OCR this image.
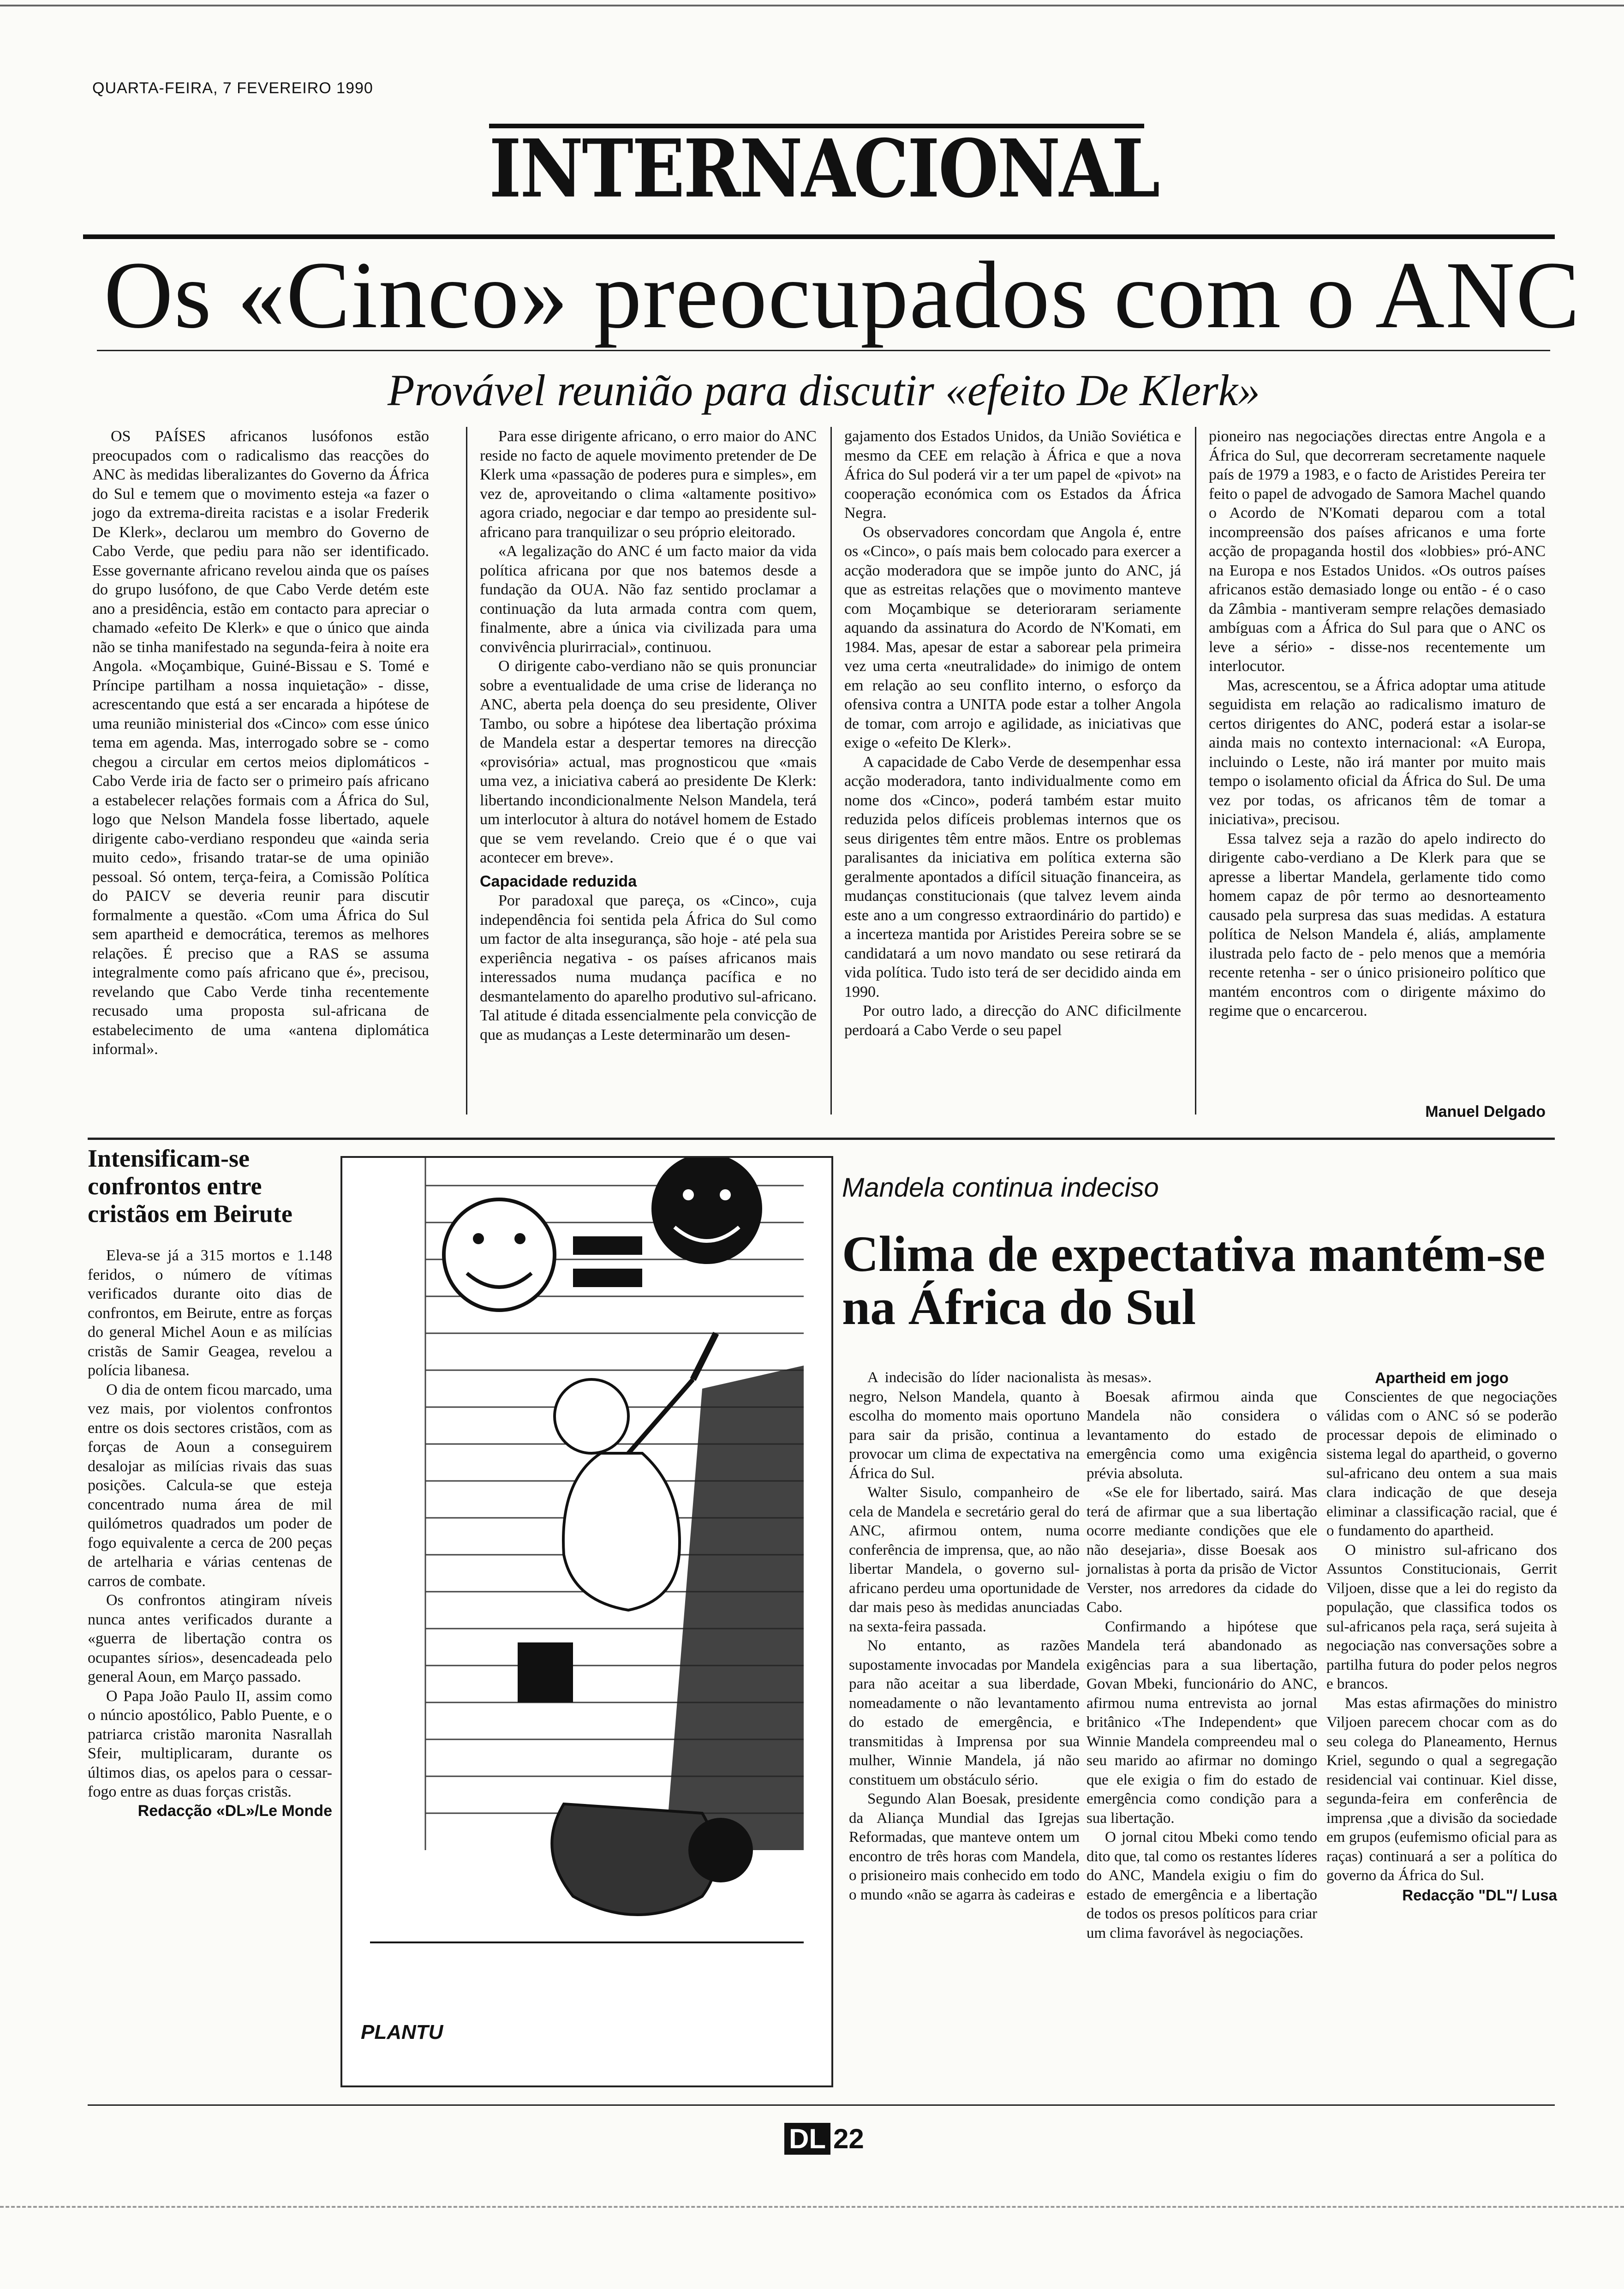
QUARTA-FEIRA, 7 FEVEREIRO 1990
INTERNACIONAL
Os «Cinco» preocupados com o ANC
Provável reunião para discutir «efeito De Klerk»

OS PAÍSES africanos lusófonos estão preocupados com o radicalismo das reacções do ANC às medidas liberalizantes do Governo da África do Sul e temem que o movimento esteja «a fazer o jogo da extrema-direita racistas e a isolar Frederik De Klerk», declarou um membro do Governo de Cabo Verde, que pediu para não ser identificado. Esse governante africano revelou ainda que os países do grupo lusófono, de que Cabo Verde detém este ano a presidência, estão em contacto para apreciar o chamado «efeito De Klerk» e que o único que ainda não se tinha manifestado na segunda-feira à noite era Angola. «Moçambique, Guiné-Bissau e S. Tomé e Príncipe partilham a nossa inquietação» - disse, acrescentando que está a ser encarada a hipótese de uma reunião ministerial dos «Cinco» com esse único tema em agenda. Mas, interrogado sobre se - como chegou a circular em certos meios diplomáticos - Cabo Verde iria de facto ser o primeiro país africano a estabelecer relações formais com a África do Sul, logo que Nelson Mandela fosse libertado, aquele dirigente cabo-verdiano respondeu que «ainda seria muito cedo», frisando tratar-se de uma opinião pessoal. Só ontem, terça-feira, a Comissão Política do PAICV se deveria reunir para discutir formalmente a questão. «Com uma África do Sul sem apartheid e democrática, teremos as melhores relações. É preciso que a RAS se assuma integralmente como país africano que é», precisou, revelando que Cabo Verde tinha recentemente recusado uma proposta sul-africana de estabelecimento de uma «antena diplomática informal».

Para esse dirigente africano, o erro maior do ANC reside no facto de aquele movimento pretender de De Klerk uma «passação de poderes pura e simples», em vez de, aproveitando o clima «altamente positivo» agora criado, negociar e dar tempo ao presidente sul-africano para tranquilizar o seu próprio eleitorado.

«A legalização do ANC é um facto maior da vida política africana por que nos batemos desde a fundação da OUA. Não faz sentido proclamar a continuação da luta armada contra com quem, finalmente, abre a única via civilizada para uma convivência plurirracial», continuou.

O dirigente cabo-verdiano não se quis pronunciar sobre a eventualidade de uma crise de liderança no ANC, aberta pela doença do seu presidente, Oliver Tambo, ou sobre a hipótese dea libertação próxima de Mandela estar a despertar temores na direcção «provisória» actual, mas prognosticou que «mais uma vez, a iniciativa caberá ao presidente De Klerk: libertando incondicionalmente Nelson Mandela, terá um interlocutor à altura do notável homem de Estado que se vem revelando. Creio que é o que vai acontecer em breve».

Capacidade reduzida

Por paradoxal que pareça, os «Cinco», cuja independência foi sentida pela África do Sul como um factor de alta insegurança, são hoje - até pela sua experiência negativa - os países africanos mais interessados numa mudança pacífica e no desmantelamento do aparelho produtivo sul-africano. Tal atitude é ditada essencialmente pela convicção de que as mudanças a Leste determinarão um desen-

gajamento dos Estados Unidos, da União Soviética e mesmo da CEE em relação à África e que a nova África do Sul poderá vir a ter um papel de «pivot» na cooperação económica com os Estados da África Negra.

Os observadores concordam que Angola é, entre os «Cinco», o país mais bem colocado para exercer a acção moderadora que se impõe junto do ANC, já que as estreitas relações que o movimento manteve com Moçambique se deterioraram seriamente aquando da assinatura do Acordo de N'Komati, em 1984. Mas, apesar de estar a saborear pela primeira vez uma certa «neutralidade» do inimigo de ontem em relação ao seu conflito interno, o esforço da ofensiva contra a UNITA pode estar a tolher Angola de tomar, com arrojo e agilidade, as iniciativas que exige o «efeito De Klerk».

A capacidade de Cabo Verde de desempenhar essa acção moderadora, tanto individualmente como em nome dos «Cinco», poderá também estar muito reduzida pelos difíceis problemas internos que os seus dirigentes têm entre mãos. Entre os problemas paralisantes da iniciativa em política externa são geralmente apontados a difícil situação financeira, as mudanças constitucionais (que talvez levem ainda este ano a um congresso extraordinário do partido) e a incerteza mantida por Aristides Pereira sobre se se candidatará a um novo mandato ou sese retirará da vida política. Tudo isto terá de ser decidido ainda em 1990.

Por outro lado, a direcção do ANC dificilmente perdoará a Cabo Verde o seu papel

pioneiro nas negociações directas entre Angola e a África do Sul, que decorreram secretamente naquele país de 1979 a 1983, e o facto de Aristides Pereira ter feito o papel de advogado de Samora Machel quando o Acordo de N'Komati deparou com a total incompreensão dos países africanos e uma forte acção de propaganda hostil dos «lobbies» pró-ANC na Europa e nos Estados Unidos. «Os outros países africanos estão demasiado longe ou então - é o caso da Zâmbia - mantiveram sempre relações demasiado ambíguas com a África do Sul para que o ANC os leve a sério» - disse-nos recentemente um interlocutor.

Mas, acrescentou, se a África adoptar uma atitude seguidista em relação ao radicalismo imaturo de certos dirigentes do ANC, poderá estar a isolar-se ainda mais no contexto internacional: «A Europa, incluindo o Leste, não irá manter por muito mais tempo o isolamento oficial da África do Sul. De uma vez por todas, os africanos têm de tomar a iniciativa», precisou.

Essa talvez seja a razão do apelo indirecto do dirigente cabo-verdiano a De Klerk para que se apresse a libertar Mandela, gerlamente tido como homem capaz de pôr termo ao desnorteamento causado pela surpresa das suas medidas. A estatura política de Nelson Mandela é, aliás, amplamente ilustrada pelo facto de - pelo menos que a memória recente retenha - ser o único prisioneiro político que mantém encontros com o dirigente máximo do regime que o encarcerou.

Manuel Delgado
Intensificam-se confrontos entre cristãos em Beirute

Eleva-se já a 315 mortos e 1.148 feridos, o número de vítimas verificados durante oito dias de confrontos, em Beirute, entre as forças do general Michel Aoun e as milícias cristãs de Samir Geagea, revelou a polícia libanesa.

O dia de ontem ficou marcado, uma vez mais, por violentos confrontos entre os dois sectores cristãos, com as forças de Aoun a conseguirem desalojar as milícias rivais das suas posições. Calcula-se que esteja concentrado numa área de mil quilómetros quadrados um poder de fogo equivalente a cerca de 200 peças de artelharia e várias centenas de carros de combate.

Os confrontos atingiram níveis nunca antes verificados durante a «guerra de libertação contra os ocupantes sírios», desencadeada pelo general Aoun, em Março passado.

O Papa João Paulo II, assim como o núncio apostólico, Pablo Puente, e o patriarca cristão maronita Nasrallah Sfeir, multiplicaram, durante os últimos dias, os apelos para o cessar-fogo entre as duas forças cristãs.

Redacção «DL»/Le Monde
PLANTU
Mandela continua indeciso
Clima de expectativa mantém-se na África do Sul

A indecisão do líder nacionalista negro, Nelson Mandela, quanto à escolha do momento mais oportuno para sair da prisão, continua a provocar um clima de expectativa na África do Sul.

Walter Sisulo, companheiro de cela de Mandela e secretário geral do ANC, afirmou ontem, numa conferência de imprensa, que, ao não libertar Mandela, o governo sul-africano perdeu uma oportunidade de dar mais peso às medidas anunciadas na sexta-feira passada.

No entanto, as razões supostamente invocadas por Mandela para não aceitar a sua liberdade, nomeadamente o não levantamento do estado de emergência, e transmitidas à Imprensa por sua mulher, Winnie Mandela, já não constituem um obstáculo sério.

Segundo Alan Boesak, presidente da Aliança Mundial das Igrejas Reformadas, que manteve ontem um encontro de três horas com Mandela, o prisioneiro mais conhecido em todo o mundo «não se agarra às cadeiras e

às mesas».

Boesak afirmou ainda que Mandela não considera o levantamento do estado de emergência como uma exigência prévia absoluta.

«Se ele for libertado, sairá. Mas terá de afirmar que a sua libertação ocorre mediante condições que ele não desejaria», disse Boesak aos jornalistas à porta da prisão de Victor Verster, nos arredores da cidade do Cabo.

Confirmando a hipótese que Mandela terá abandonado as exigências para a sua libertação, Govan Mbeki, funcionário do ANC, afirmou numa entrevista ao jornal britânico «The Independent» que Winnie Mandela compreendeu mal o seu marido ao afirmar no domingo que ele exigia o fim do estado de emergência como condição para a sua libertação.

O jornal citou Mbeki como tendo dito que, tal como os restantes líderes do ANC, Mandela exigiu o fim do estado de emergência e a libertação de todos os presos políticos para criar um clima favorável às negociações.

Apartheid em jogo

Conscientes de que negociações válidas com o ANC só se poderão processar depois de eliminado o sistema legal do apartheid, o governo sul-africano deu ontem a sua mais clara indicação de que deseja eliminar a classificação racial, que é o fundamento do apartheid.

O ministro sul-africano dos Assuntos Constitucionais, Gerrit Viljoen, disse que a lei do registo da população, que classifica todos os sul-africanos pela raça, será sujeita à negociação nas conversações sobre a partilha futura do poder pelos negros e brancos.

Mas estas afirmações do ministro Viljoen parecem chocar com as do seu colega do Planeamento, Hernus Kriel, segundo o qual a segregação residencial vai continuar. Kiel disse, segunda-feira em conferência de imprensa ,que a divisão da sociedade em grupos (eufemismo oficial para as raças) continuará a ser a política do governo da África do Sul.

Redacção "DL"/ Lusa
DL 22
